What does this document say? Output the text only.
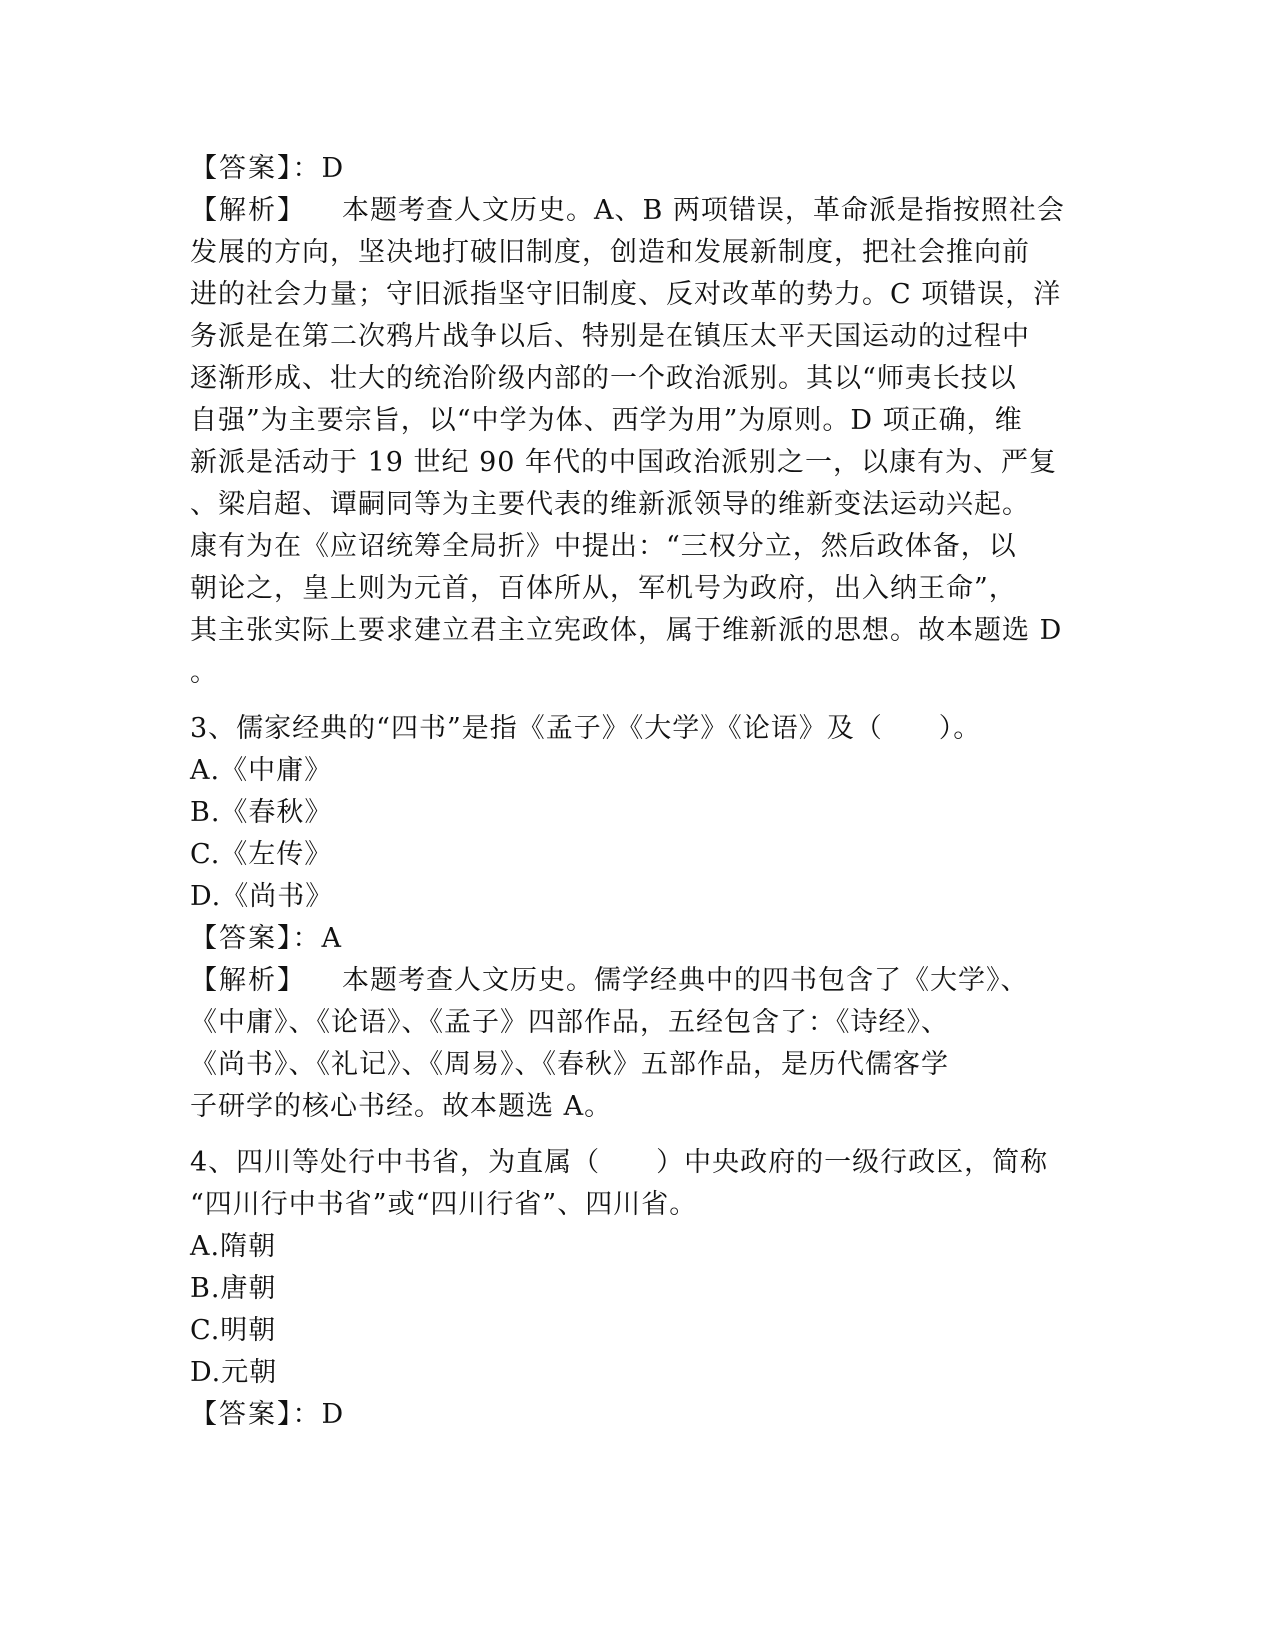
【答案】：D
【解析】 本题考查人文历史。A、B 两项错误，革命派是指按照社会
发展的方向，坚决地打破旧制度，创造和发展新制度，把社会推向前
进的社会力量；守旧派指坚守旧制度、反对改革的势力。C 项错误，洋
务派是在第二次鸦片战争以后、特别是在镇压太平天国运动的过程中
逐渐形成、壮大的统治阶级内部的一个政治派别。其以“师夷长技以
自强”为主要宗旨，以“中学为体、西学为用”为原则。D 项正确，维
新派是活动于 19 世纪 90 年代的中国政治派别之一，以康有为、严复
、梁启超、谭嗣同等为主要代表的维新派领导的维新变法运动兴起。
康有为在《应诏统筹全局折》中提出：“三权分立，然后政体备，以
朝论之，皇上则为元首，百体所从，军机号为政府，出入纳王命”，
其主张实际上要求建立君主立宪政体，属于维新派的思想。故本题选 D
。
3、儒家经典的“四书”是指《孟子》《大学》《论语》及（　　）。
A.《中庸》
B.《春秋》
C.《左传》
D.《尚书》
【答案】：A
【解析】 本题考查人文历史。儒学经典中的四书包含了《大学》、
《中庸》、《论语》、《孟子》四部作品，五经包含了：《诗经》、
《尚书》、《礼记》、《周易》、《春秋》五部作品，是历代儒客学
子研学的核心书经。故本题选 A。
4、四川等处行中书省，为直属（　　）中央政府的一级行政区，简称
“四川行中书省”或“四川行省”、四川省。
A.隋朝
B.唐朝
C.明朝
D.元朝
【答案】：D
